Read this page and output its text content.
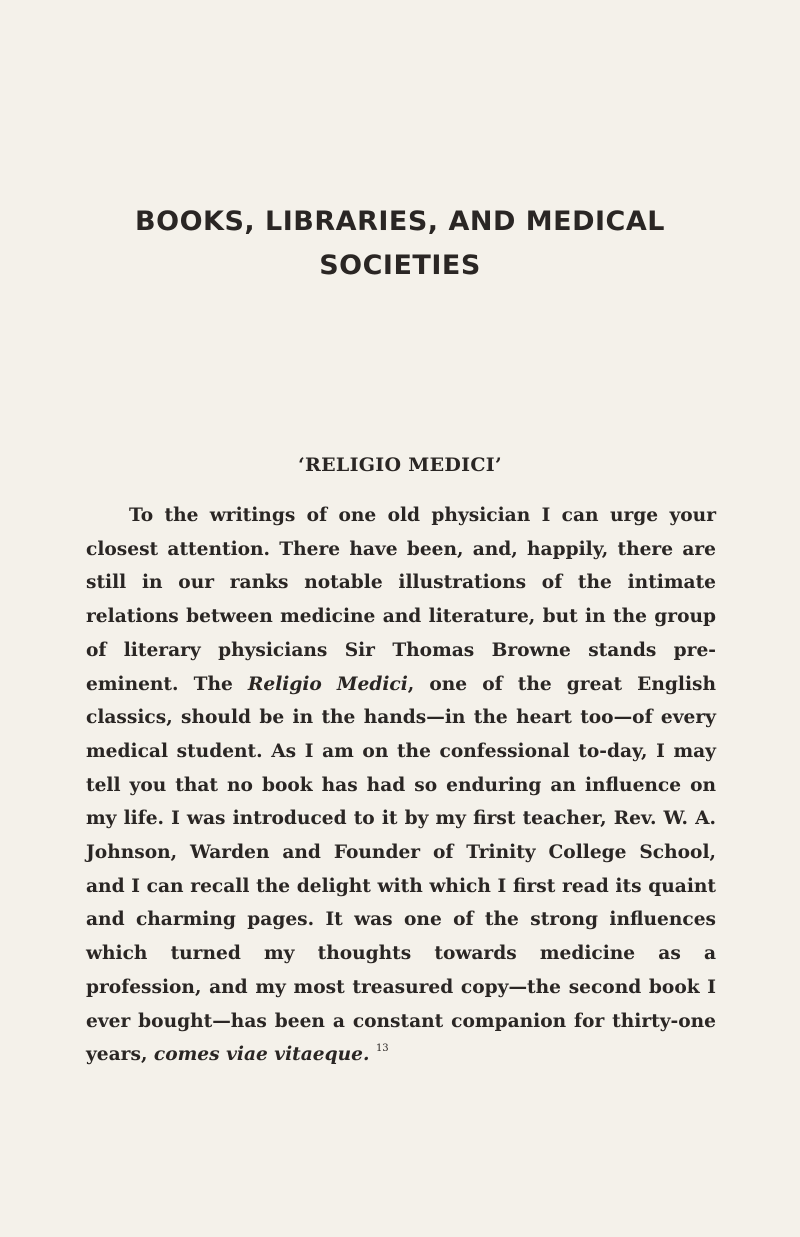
BOOKS, LIBRARIES, AND MEDICAL
SOCIETIES
‘RELIGIO MEDICI’

To the writings of one old physician I can urge your closest attention. There have been, and, happily, there are still in our ranks notable illustrations of the intimate relations between medicine and literature, but in the group of literary physicians Sir Thomas Browne stands pre-eminent. The Religio Medici, one of the great English classics, should be in the hands—in the heart too—of every medical student. As I am on the confessional to-day, I may tell you that no book has had so enduring an influence on my life. I was introduced to it by my first teacher, Rev. W. A. Johnson, Warden and Founder of Trinity College School, and I can recall the delight with which I first read its quaint and charming pages. It was one of the strong influences which turned my thoughts towards medicine as a profession, and my most treasured copy—the second book I ever bought—has been a constant companion for thirty-one years, comes viae vitaeque. $^{13}$
